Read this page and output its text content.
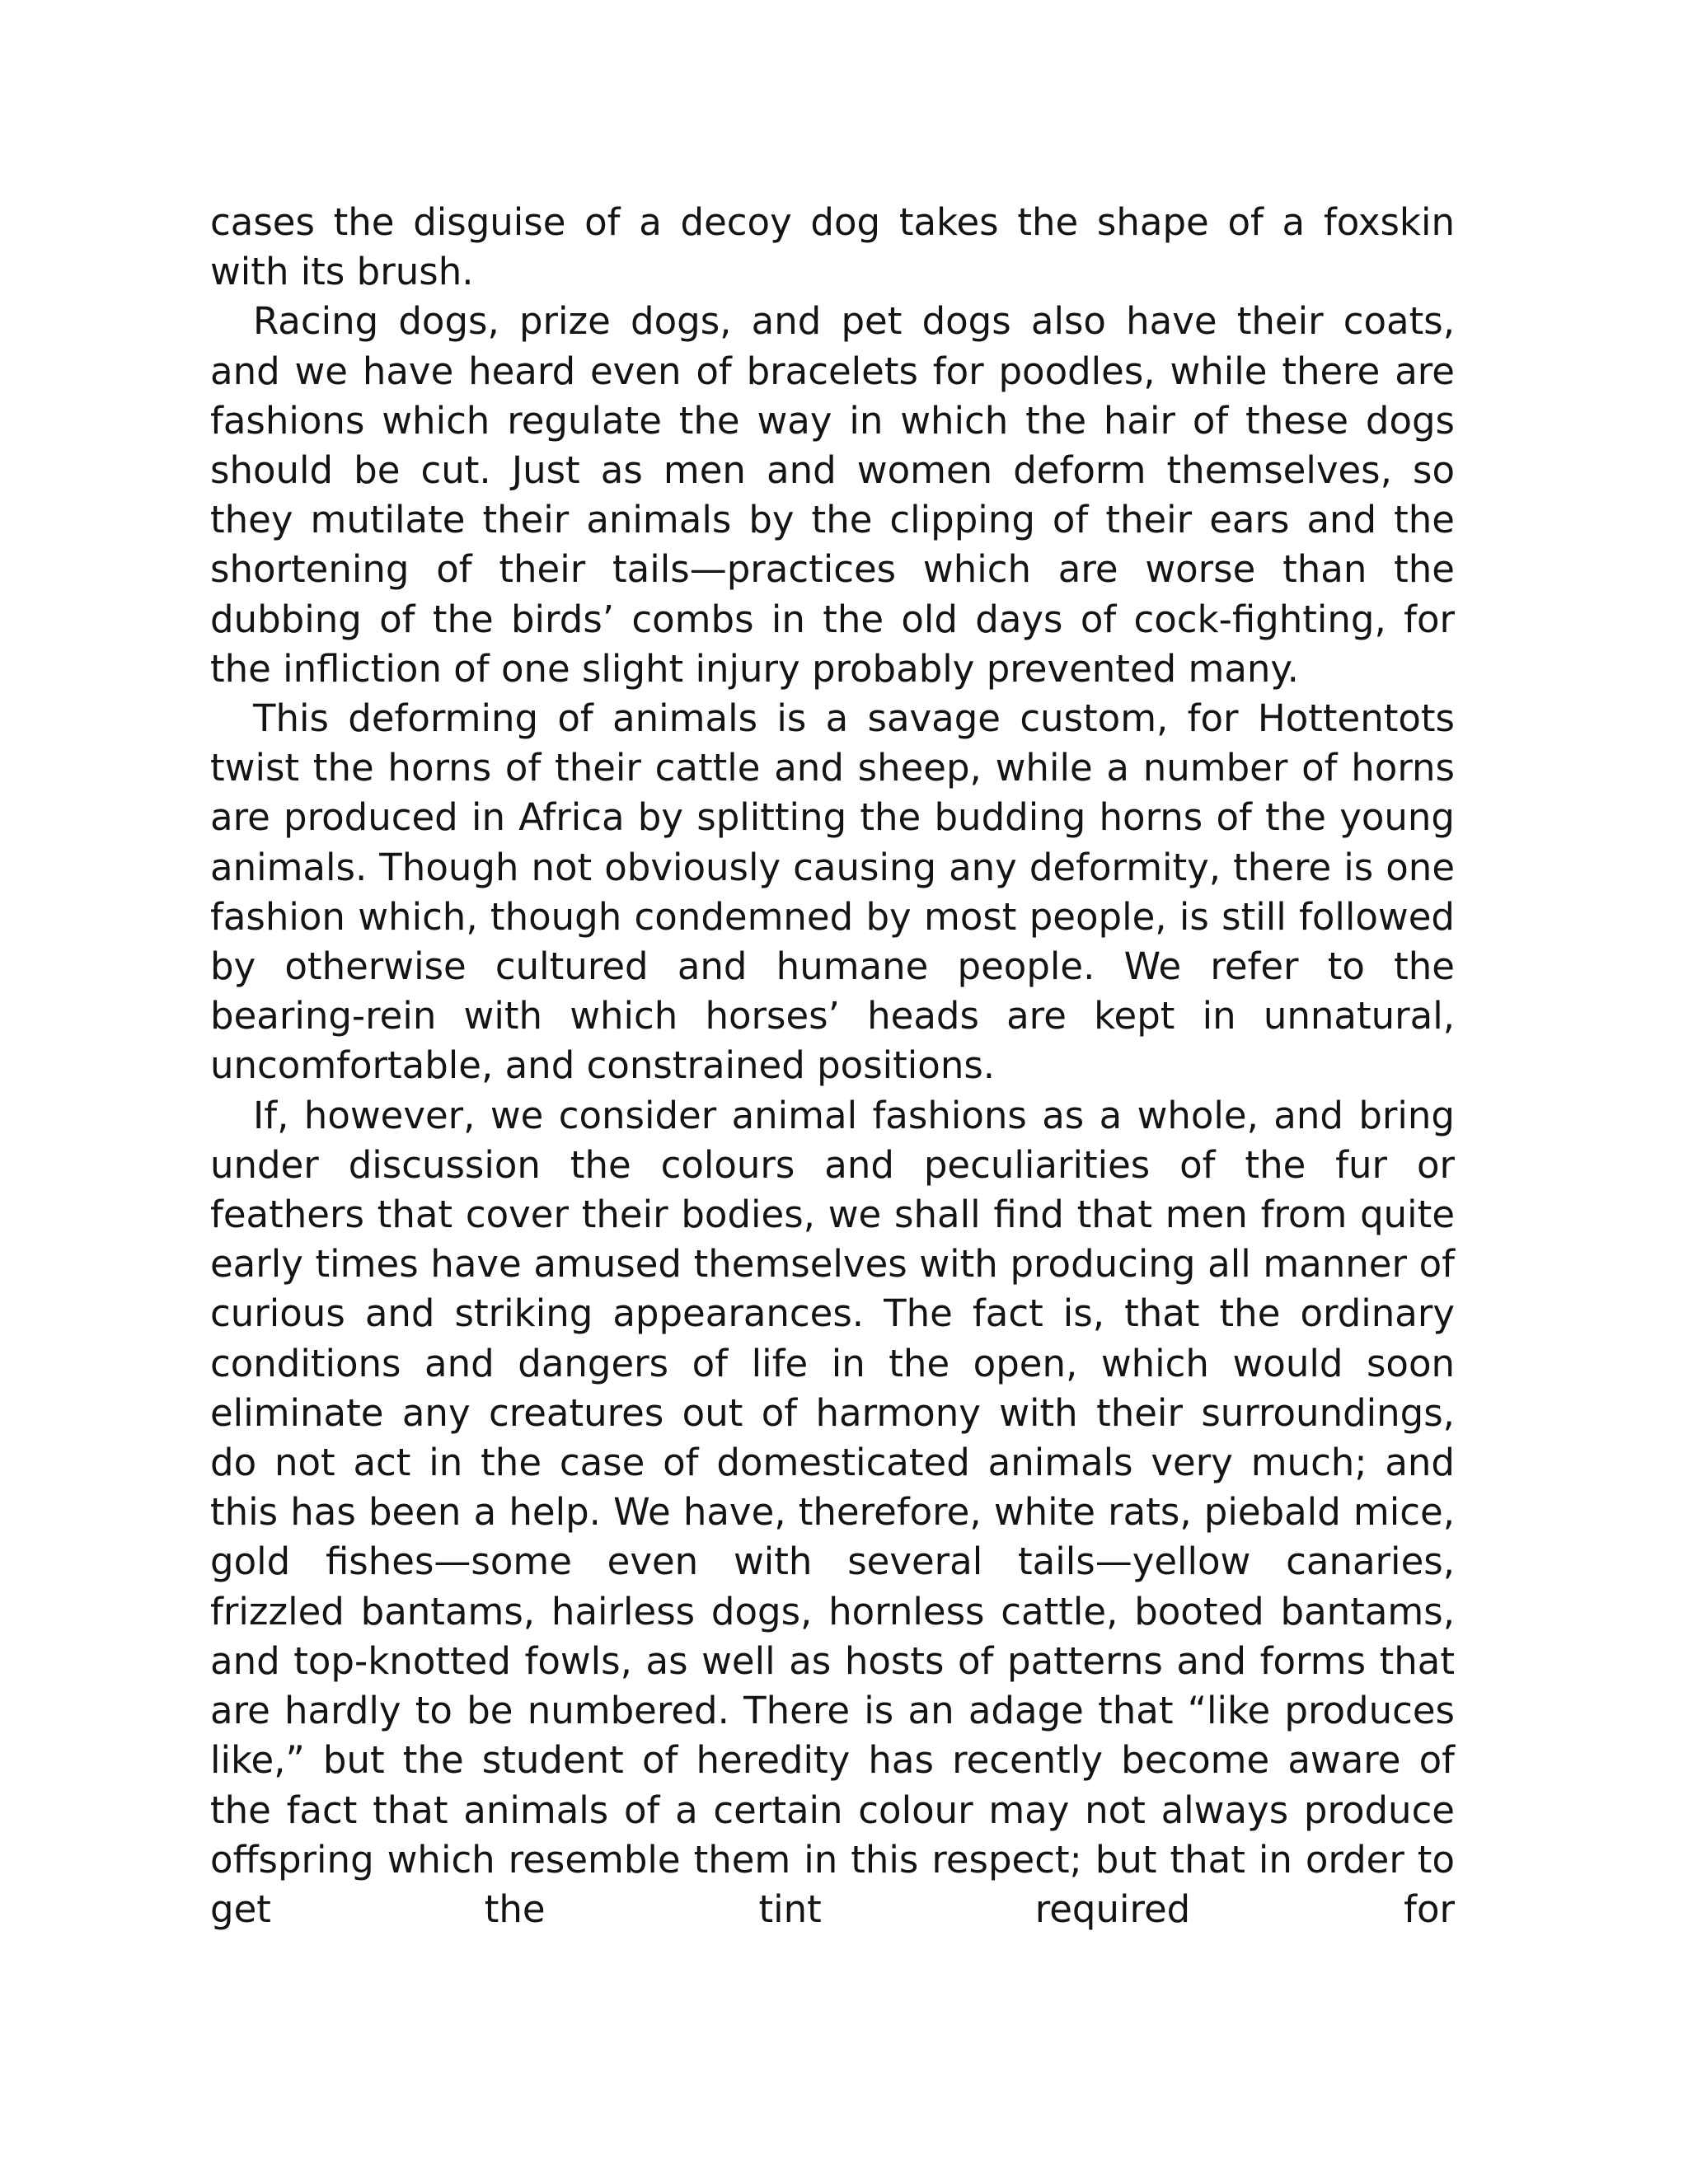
cases the disguise of a decoy dog takes the shape of a foxskin with its brush.

Racing dogs, prize dogs, and pet dogs also have their coats, and we have heard even of bracelets for poodles, while there are fashions which regulate the way in which the hair of these dogs should be cut. Just as men and women deform themselves, so they mutilate their animals by the clipping of their ears and the shortening of their tails—practices which are worse than the dubbing of the birds’ combs in the old days of cock-fighting, for the infliction of one slight injury probably prevented many.

This deforming of animals is a savage custom, for Hottentots twist the horns of their cattle and sheep, while a number of horns are produced in Africa by splitting the budding horns of the young animals. Though not obviously causing any deformity, there is one fashion which, though condemned by most people, is still followed by otherwise cultured and humane people. We refer to the bearing-rein with which horses’ heads are kept in unnatural, uncomfortable, and constrained positions.

If, however, we consider animal fashions as a whole, and bring under discussion the colours and peculiarities of the fur or feathers that cover their bodies, we shall find that men from quite early times have amused themselves with producing all manner of curious and striking appearances. The fact is, that the ordinary conditions and dangers of life in the open, which would soon eliminate any creatures out of harmony with their surroundings, do not act in the case of domesticated animals very much; and this has been a help. We have, therefore, white rats, piebald mice, gold fishes—some even with several tails—yellow canaries, frizzled bantams, hairless dogs, hornless cattle, booted bantams, and top-knotted fowls, as well as hosts of patterns and forms that are hardly to be numbered. There is an adage that “like produces like,” but the student of heredity has recently become aware of the fact that animals of a certain colour may not always produce offspring which resemble them in this respect; but that in order to get the tint required for
